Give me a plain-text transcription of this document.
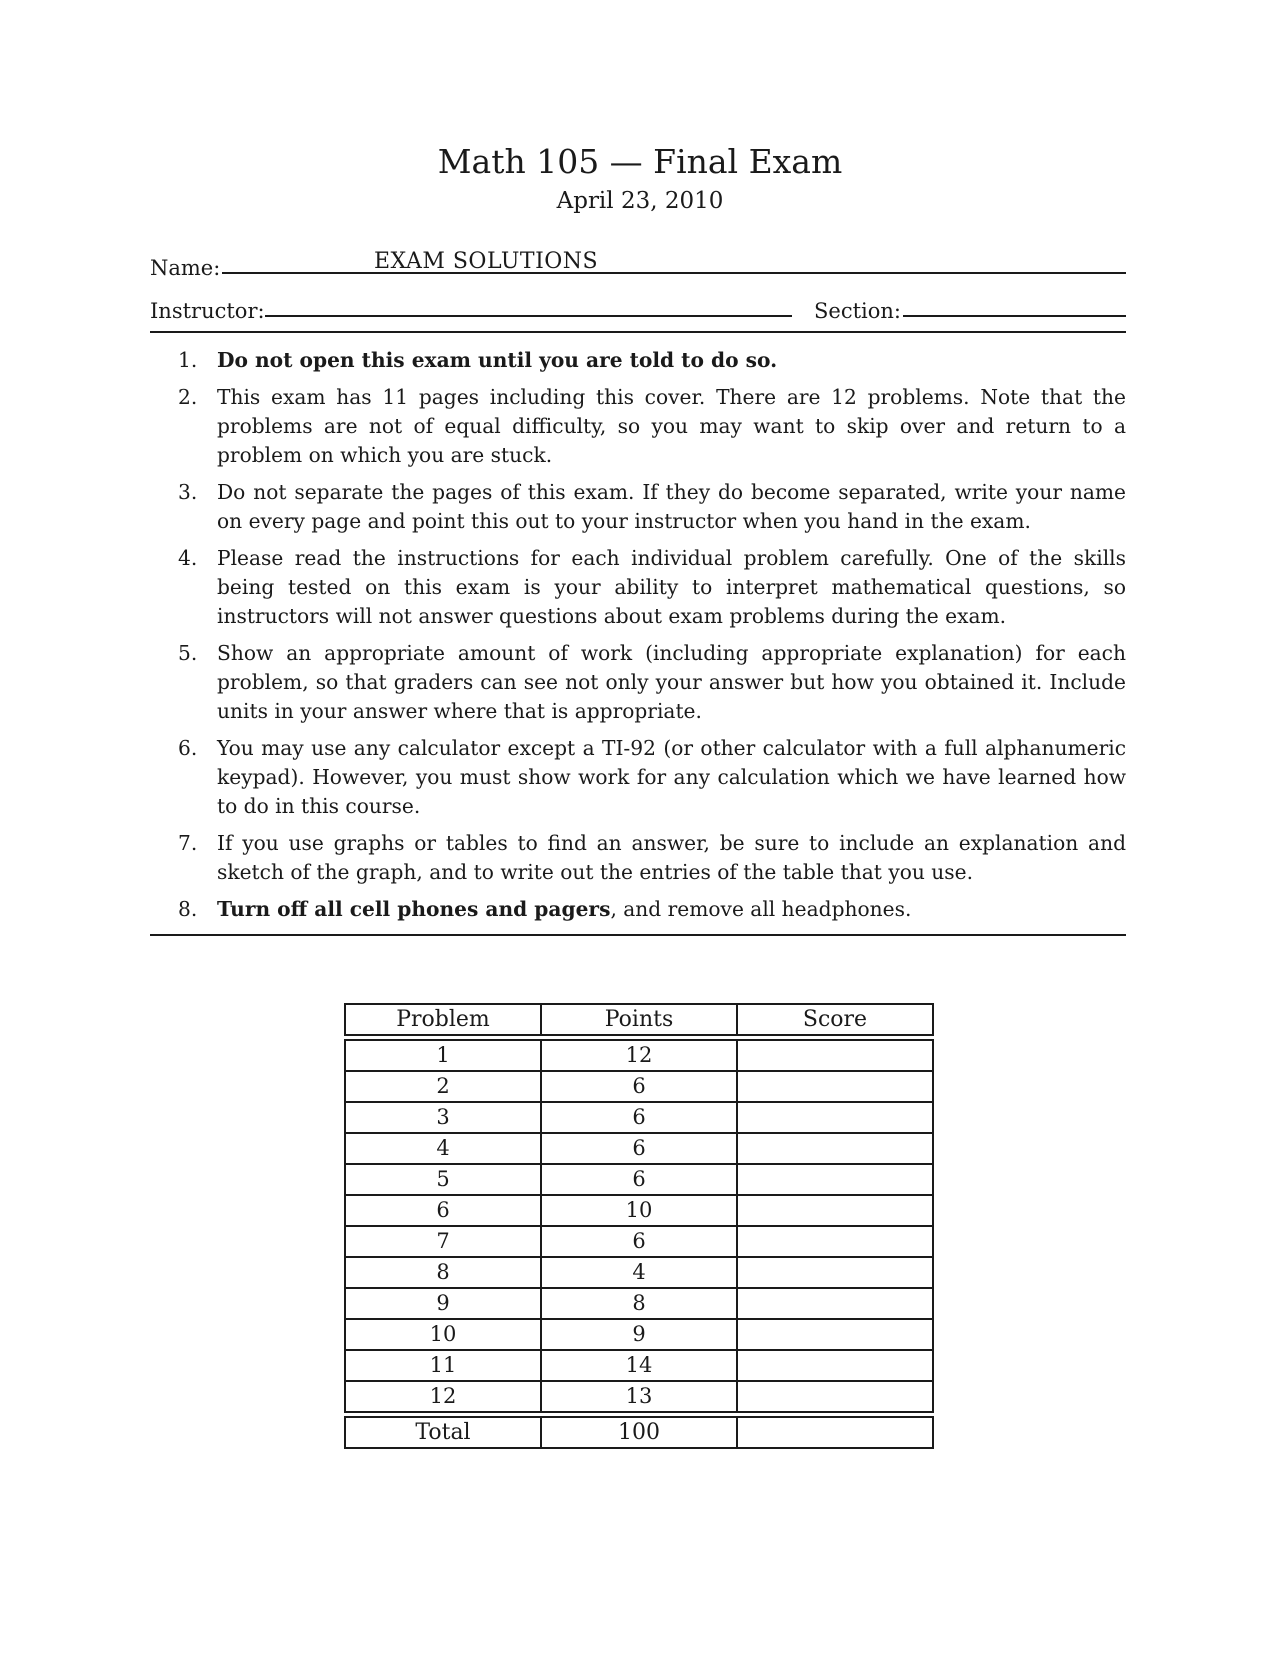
Math 105 — Final Exam
April 23, 2010
Name:	EXAM SOLUTIONS
Instructor:	Section:
1. Do not open this exam until you are told to do so.
2. This exam has 11 pages including this cover. There are 12 problems. Note that the problems are not of equal difficulty, so you may want to skip over and return to a problem on which you are stuck.
3. Do not separate the pages of this exam. If they do become separated, write your name on every page and point this out to your instructor when you hand in the exam.
4. Please read the instructions for each individual problem carefully. One of the skills being tested on this exam is your ability to interpret mathematical questions, so instructors will not answer questions about exam problems during the exam.
5. Show an appropriate amount of work (including appropriate explanation) for each problem, so that graders can see not only your answer but how you obtained it. Include units in your answer where that is appropriate.
6. You may use any calculator except a TI-92 (or other calculator with a full alphanumeric keypad). However, you must show work for any calculation which we have learned how to do in this course.
7. If you use graphs or tables to find an answer, be sure to include an explanation and sketch of the graph, and to write out the entries of the table that you use.
8. Turn off all cell phones and pagers, and remove all headphones.
Problem	Points	Score

1	12	
2	6	
3	6	
4	6	
5	6	
6	10	
7	6	
8	4	
9	8	
10	9	
11	14	
12	13	

Total	100	
